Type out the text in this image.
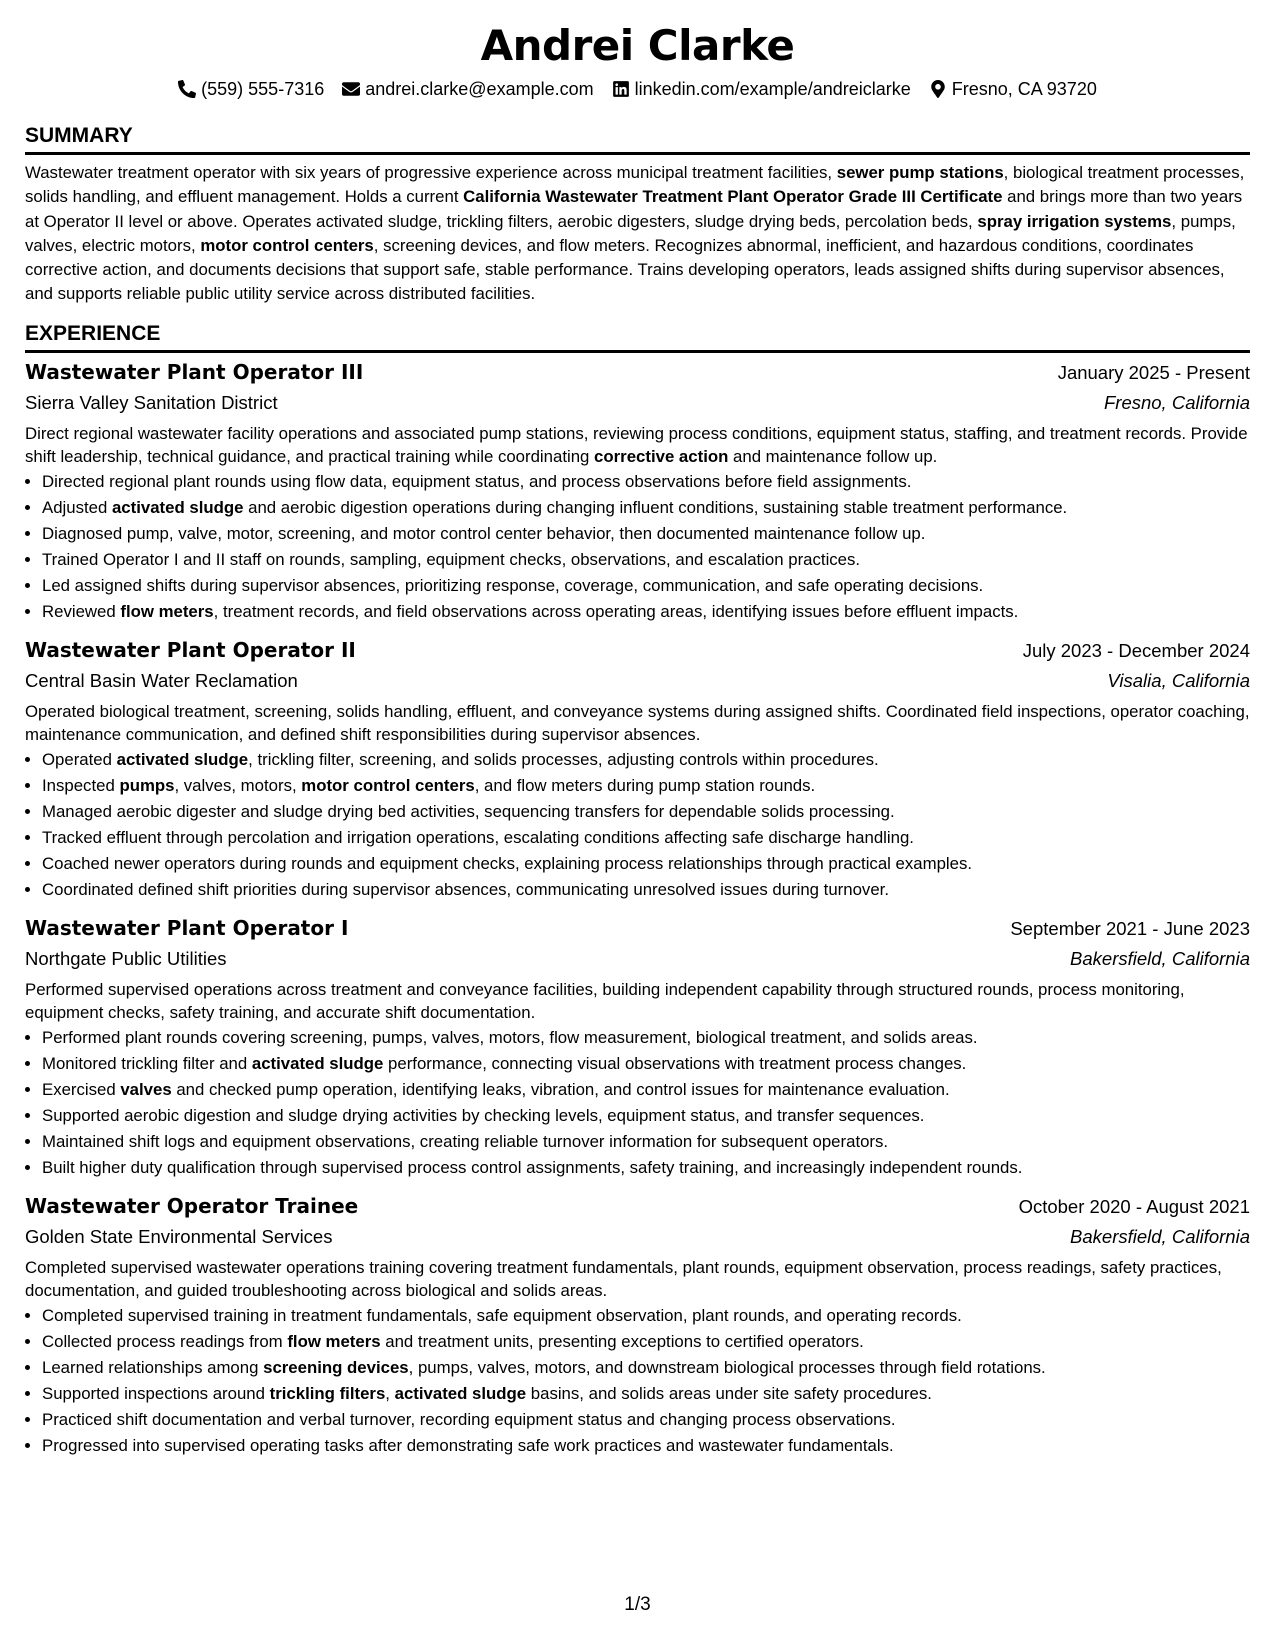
Andrei Clarke
(559) 555-7316 andrei.clarke@example.com linkedin.com/example/andreiclarke Fresno, CA 93720
SUMMARY

Wastewater treatment operator with six years of progressive experience across municipal treatment facilities, sewer pump stations, biological treatment processes, solids handling, and effluent management. Holds a current California Wastewater Treatment Plant Operator Grade III Certificate and brings more than two years at Operator II level or above. Operates activated sludge, trickling filters, aerobic digesters, sludge drying beds, percolation beds, spray irrigation systems, pumps, valves, electric motors, motor control centers, screening devices, and flow meters. Recognizes abnormal, inefficient, and hazardous conditions, coordinates corrective action, and documents decisions that support safe, stable performance. Trains developing operators, leads assigned shifts during supervisor absences, and supports reliable public utility service across distributed facilities.

EXPERIENCE
Wastewater Plant Operator III	January 2025 - Present
Sierra Valley Sanitation District	Fresno, California

Direct regional wastewater facility operations and associated pump stations, reviewing process conditions, equipment status, staffing, and treatment records. Provide shift leadership, technical guidance, and practical training while coordinating corrective action and maintenance follow up.

• Directed regional plant rounds using flow data, equipment status, and process observations before field assignments.
• Adjusted activated sludge and aerobic digestion operations during changing influent conditions, sustaining stable treatment performance.
• Diagnosed pump, valve, motor, screening, and motor control center behavior, then documented maintenance follow up.
• Trained Operator I and II staff on rounds, sampling, equipment checks, observations, and escalation practices.
• Led assigned shifts during supervisor absences, prioritizing response, coverage, communication, and safe operating decisions.
• Reviewed flow meters, treatment records, and field observations across operating areas, identifying issues before effluent impacts.
Wastewater Plant Operator II	July 2023 - December 2024
Central Basin Water Reclamation	Visalia, California

Operated biological treatment, screening, solids handling, effluent, and conveyance systems during assigned shifts. Coordinated field inspections, operator coaching, maintenance communication, and defined shift responsibilities during supervisor absences.

• Operated activated sludge, trickling filter, screening, and solids processes, adjusting controls within procedures.
• Inspected pumps, valves, motors, motor control centers, and flow meters during pump station rounds.
• Managed aerobic digester and sludge drying bed activities, sequencing transfers for dependable solids processing.
• Tracked effluent through percolation and irrigation operations, escalating conditions affecting safe discharge handling.
• Coached newer operators during rounds and equipment checks, explaining process relationships through practical examples.
• Coordinated defined shift priorities during supervisor absences, communicating unresolved issues during turnover.
Wastewater Plant Operator I	September 2021 - June 2023
Northgate Public Utilities	Bakersfield, California

Performed supervised operations across treatment and conveyance facilities, building independent capability through structured rounds, process monitoring, equipment checks, safety training, and accurate shift documentation.

• Performed plant rounds covering screening, pumps, valves, motors, flow measurement, biological treatment, and solids areas.
• Monitored trickling filter and activated sludge performance, connecting visual observations with treatment process changes.
• Exercised valves and checked pump operation, identifying leaks, vibration, and control issues for maintenance evaluation.
• Supported aerobic digestion and sludge drying activities by checking levels, equipment status, and transfer sequences.
• Maintained shift logs and equipment observations, creating reliable turnover information for subsequent operators.
• Built higher duty qualification through supervised process control assignments, safety training, and increasingly independent rounds.
Wastewater Operator Trainee	October 2020 - August 2021
Golden State Environmental Services	Bakersfield, California

Completed supervised wastewater operations training covering treatment fundamentals, plant rounds, equipment observation, process readings, safety practices, documentation, and guided troubleshooting across biological and solids areas.

• Completed supervised training in treatment fundamentals, safe equipment observation, plant rounds, and operating records.
• Collected process readings from flow meters and treatment units, presenting exceptions to certified operators.
• Learned relationships among screening devices, pumps, valves, motors, and downstream biological processes through field rotations.
• Supported inspections around trickling filters, activated sludge basins, and solids areas under site safety procedures.
• Practiced shift documentation and verbal turnover, recording equipment status and changing process observations.
• Progressed into supervised operating tasks after demonstrating safe work practices and wastewater fundamentals.
1/3
